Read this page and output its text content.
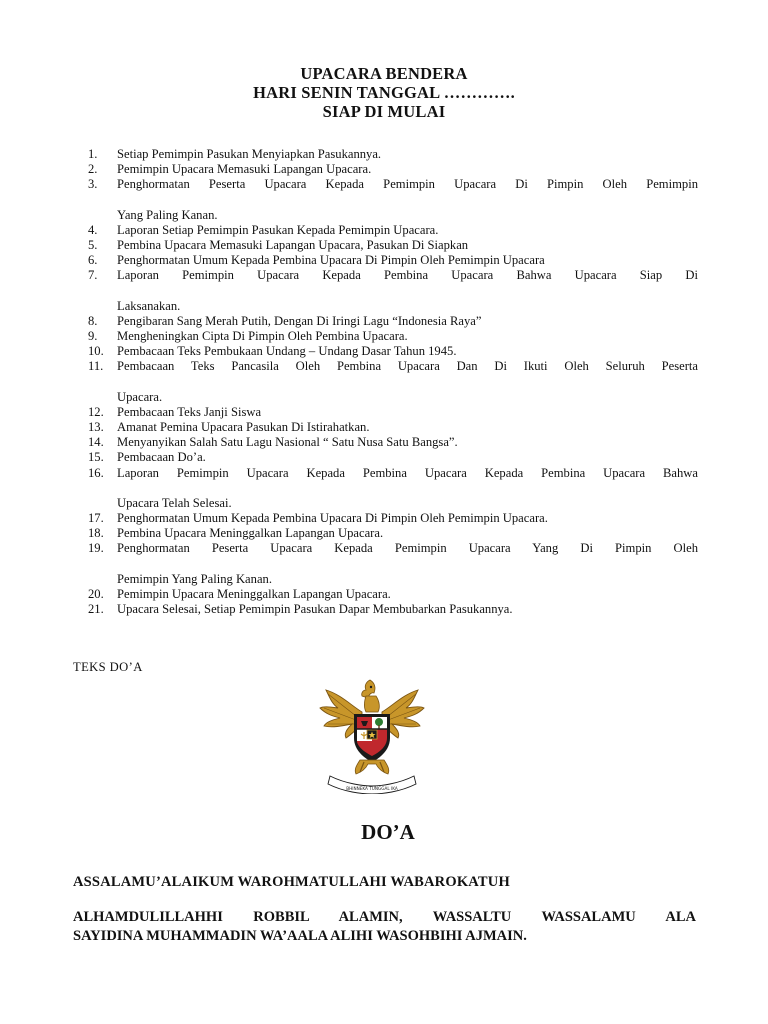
UPACARA BENDERA
HARI SENIN TANGGAL ………….
SIAP DI MULAI
1.	Setiap Pemimpin Pasukan Menyiapkan Pasukannya.
2.	Pemimpin Upacara Memasuki Lapangan Upacara.
3.	Penghormatan Peserta Upacara Kepada Pemimpin Upacara Di Pimpin Oleh Pemimpin
Yang Paling Kanan.
4.	Laporan Setiap Pemimpin Pasukan Kepada Pemimpin Upacara.
5.	Pembina Upacara Memasuki Lapangan Upacara, Pasukan Di Siapkan
6.	Penghormatan Umum Kepada Pembina Upacara Di Pimpin Oleh Pemimpin Upacara
7.	Laporan Pemimpin Upacara Kepada Pembina Upacara Bahwa Upacara Siap Di
Laksanakan.
8.	Pengibaran Sang Merah Putih, Dengan Di Iringi Lagu “Indonesia Raya”
9.	Mengheningkan Cipta Di Pimpin Oleh Pembina Upacara.
10.	Pembacaan Teks Pembukaan Undang – Undang Dasar Tahun 1945.
11.	Pembacaan Teks Pancasila Oleh Pembina Upacara Dan Di Ikuti Oleh Seluruh Peserta
Upacara.
12.	Pembacaan Teks Janji Siswa
13.	Amanat Pemina Upacara Pasukan Di Istirahatkan.
14.	Menyanyikan Salah Satu Lagu Nasional “ Satu Nusa Satu Bangsa”.
15.	Pembacaan Do’a.
16.	Laporan Pemimpin Upacara Kepada Pembina Upacara Kepada Pembina Upacara Bahwa
Upacara Telah Selesai.
17.	Penghormatan Umum Kepada Pembina Upacara Di Pimpin Oleh Pemimpin Upacara.
18.	Pembina Upacara Meninggalkan Lapangan Upacara.
19.	Penghormatan Peserta Upacara Kepada Pemimpin Upacara Yang Di Pimpin Oleh
Pemimpin Yang Paling Kanan.
20.	Pemimpin Upacara Meninggalkan Lapangan Upacara.
21.	Upacara Selesai, Setiap Pemimpin Pasukan Dapar Membubarkan Pasukannya.
TEKS DO’A
BHINNEKA TUNGGAL IKA
DO’A
ASSALAMU’ALAIKUM WAROHMATULLAHI WABAROKATUH
ALHAMDULILLAHHI ROBBIL ALAMIN, WASSALTU WASSALAMU ALA
SAYIDINA MUHAMMADIN WA’AALA ALIHI WASOHBIHI AJMAIN.
